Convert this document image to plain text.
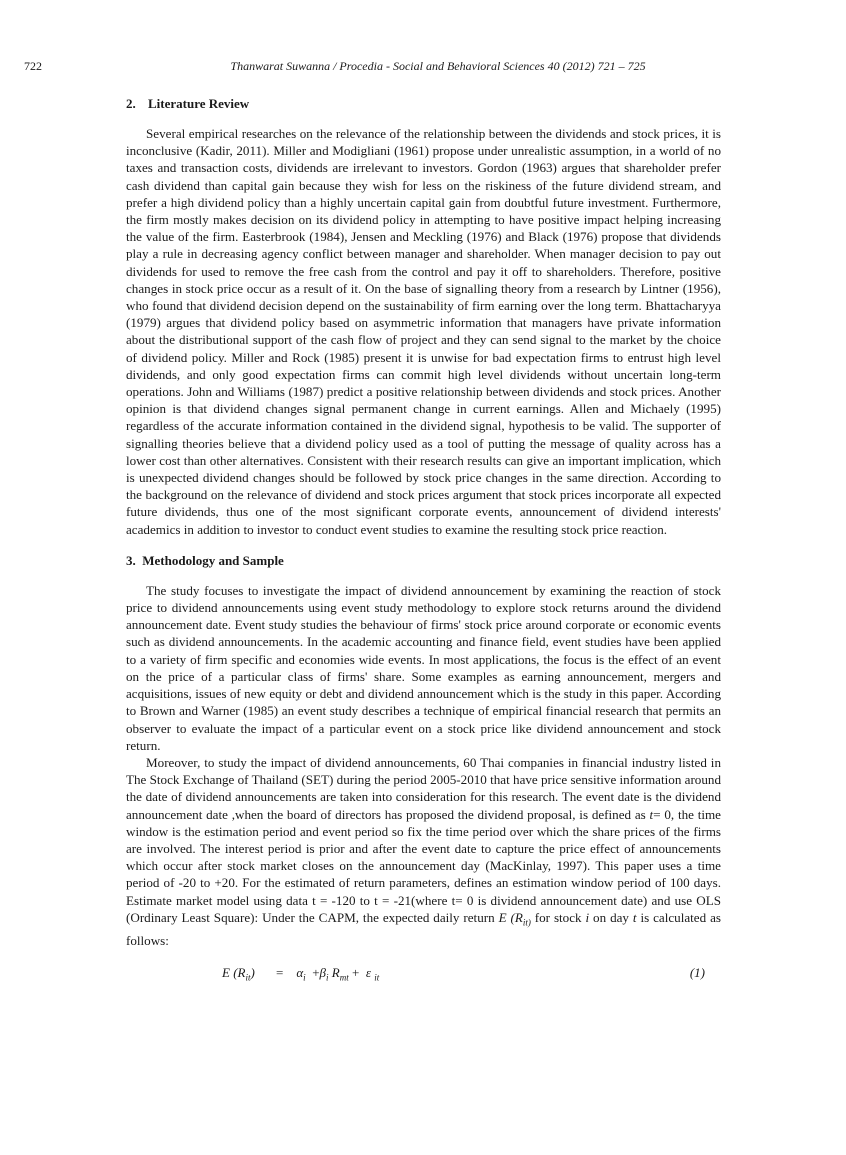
722	Thanwarat Suwanna / Procedia - Social and Behavioral Sciences 40 (2012) 721 – 725
2. Literature Review

Several empirical researches on the relevance of the relationship between the dividends and stock prices, it is inconclusive (Kadir, 2011). Miller and Modigliani (1961) propose under unrealistic assumption, in a world of no taxes and transaction costs, dividends are irrelevant to investors. Gordon (1963) argues that shareholder prefer cash dividend than capital gain because they wish for less on the riskiness of the future dividend stream, and prefer a high dividend policy than a highly uncertain capital gain from doubtful future investment. Furthermore, the firm mostly makes decision on its dividend policy in attempting to have positive impact helping increasing the value of the firm. Easterbrook (1984), Jensen and Meckling (1976) and Black (1976) propose that dividends play a rule in decreasing agency conflict between manager and shareholder. When manager decision to pay out dividends for used to remove the free cash from the control and pay it off to shareholders. Therefore, positive changes in stock price occur as a result of it. On the base of signalling theory from a research by Lintner (1956), who found that dividend decision depend on the sustainability of firm earning over the long term. Bhattacharyya (1979) argues that dividend policy based on asymmetric information that managers have private information about the distributional support of the cash flow of project and they can send signal to the market by the choice of dividend policy. Miller and Rock (1985) present it is unwise for bad expectation firms to entrust high level dividends, and only good expectation firms can commit high level dividends without uncertain long-term operations. John and Williams (1987) predict a positive relationship between dividends and stock prices. Another opinion is that dividend changes signal permanent change in current earnings. Allen and Michaely (1995) regardless of the accurate information contained in the dividend signal, hypothesis to be valid. The supporter of signalling theories believe that a dividend policy used as a tool of putting the message of quality across has a lower cost than other alternatives. Consistent with their research results can give an important implication, which is unexpected dividend changes should be followed by stock price changes in the same direction. According to the background on the relevance of dividend and stock prices argument that stock prices incorporate all expected future dividends, thus one of the most significant corporate events, announcement of dividend interests' academics in addition to investor to conduct event studies to examine the resulting stock price reaction.

3. Methodology and Sample

The study focuses to investigate the impact of dividend announcement by examining the reaction of stock price to dividend announcements using event study methodology to explore stock returns around the dividend announcement date. Event study studies the behaviour of firms' stock price around corporate or economic events such as dividend announcements. In the academic accounting and finance field, event studies have been applied to a variety of firm specific and economies wide events. In most applications, the focus is the effect of an event on the price of a particular class of firms' share. Some examples as earning announcement, mergers and acquisitions, issues of new equity or debt and dividend announcement which is the study in this paper. According to Brown and Warner (1985) an event study describes a technique of empirical financial research that permits an observer to evaluate the impact of a particular event on a stock price like dividend announcement and stock return.

Moreover, to study the impact of dividend announcements, 60 Thai companies in financial industry listed in The Stock Exchange of Thailand (SET) during the period 2005-2010 that have price sensitive information around the date of dividend announcements are taken into consideration for this research. The event date is the dividend announcement date ,when the board of directors has proposed the dividend proposal, is defined as t= 0, the time window is the estimation period and event period so fix the time period over which the share prices of the firms are involved. The interest period is prior and after the event date to capture the price effect of announcements which occur after stock market closes on the announcement day (MacKinlay, 1997). This paper uses a time period of -20 to +20. For the estimated of return parameters, defines an estimation window period of 100 days. Estimate market model using data t = -120 to t = -21(where t= 0 is dividend announcement date) and use OLS (Ordinary Least Square): Under the CAPM, the expected daily return E ($R_{it)}$ for stock i on day t is calculated as follows:

E $(R_{it}) = \alpha_i +\beta_i$ $R_{mt} + \varepsilon$ $_{it}$	(1)
